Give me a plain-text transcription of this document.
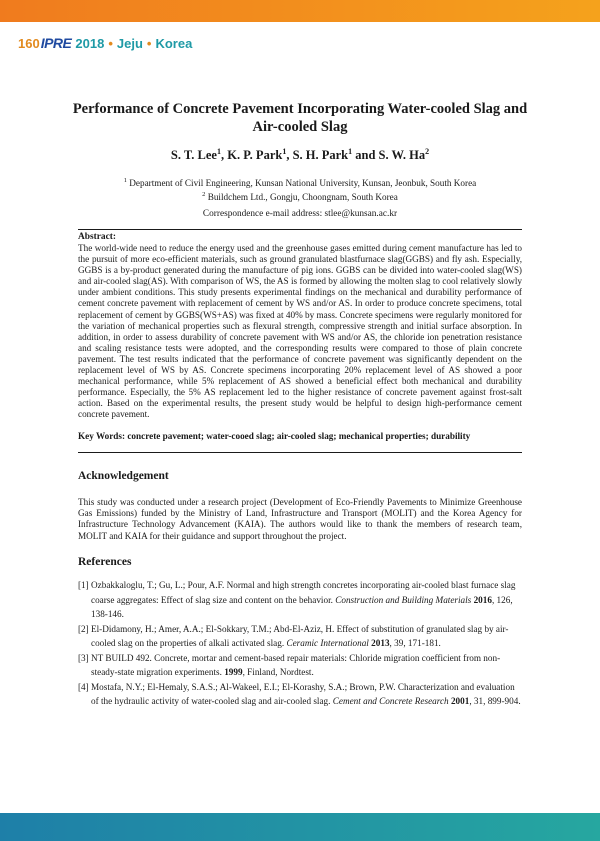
160 IPRE 2018 • Jeju • Korea
Performance of Concrete Pavement Incorporating Water-cooled Slag and Air-cooled Slag
S. T. Lee$^1$, K. P. Park$^1$, S. H. Park$^1$ and S. W. Ha$^2$
$^1$ Department of Civil Engineering, Kunsan National University, Kunsan, Jeonbuk, South Korea
$^2$ Buildchem Ltd., Gongju, Choongnam, South Korea
Correspondence e-mail address: stlee@kunsan.ac.kr
Abstract:

The world-wide need to reduce the energy used and the greenhouse gases emitted during cement manufacture has led to the pursuit of more eco-efficient materials, such as ground granulated blastfurnace slag(GGBS) and fly ash. Especially, GGBS is a by-product generated during the manufacture of pig ions. GGBS can be divided into water-cooled slag(WS) and air-cooled slag(AS). With comparison of WS, the AS is formed by allowing the molten slag to cool relatively slowly under ambient conditions. This study presents experimental findings on the mechanical and durability performance of cement concrete pavement with replacement of cement by WS and/or AS. In order to produce concrete specimens, total replacement of cement by GGBS(WS+AS) was fixed at 40% by mass. Concrete specimens were regularly monitored for the variation of mechanical properties such as flexural strength, compressive strength and initial surface absorption. In addition, in order to assess durability of concrete pavement with WS and/or AS, the chloride ion penetration resistance and scaling resistance tests were adopted, and the corresponding results were compared to those of plain concrete pavement. The test results indicated that the performance of concrete pavement was significantly dependent on the replacement level of WS by AS. Concrete specimens incorporating 20% replacement level of AS showed a poor mechanical performance, while 5% replacement of AS showed a beneficial effect both mechanical and durability performance. Especially, the 5% AS replacement led to the higher resistance of concrete pavement against frost-salt action. Based on the experimental results, the present study would be helpful to design high-performance cement concrete pavement.

Key Words: concrete pavement; water-cooed slag; air-cooled slag; mechanical properties; durability
Acknowledgement

This study was conducted under a research project (Development of Eco-Friendly Pavements to Minimize Greenhouse Gas Emissions) funded by the Ministry of Land, Infrastructure and Transport (MOLIT) and the Korea Agency for Infrastructure Technology Advancement (KAIA). The authors would like to thank the members of research team, MOLIT and KAIA for their guidance and support throughout the project.

References
[1] Ozbakkaloglu, T.; Gu, L.; Pour, A.F. Normal and high strength concretes incorporating air-cooled blast furnace slag coarse aggregates: Effect of slag size and content on the behavior. Construction and Building Materials 2016, 126, 138-146.
[2] El-Didamony, H.; Amer, A.A.; El-Sokkary, T.M.; Abd-El-Aziz, H. Effect of substitution of granulated slag by air-cooled slag on the properties of alkali activated slag. Ceramic International 2013, 39, 171-181.
[3] NT BUILD 492. Concrete, mortar and cement-based repair materials: Chloride migration coefficient from non-steady-state migration experiments. 1999, Finland, Nordtest.
[4] Mostafa, N.Y.; El-Hemaly, S.A.S.; Al-Wakeel, E.I.; El-Korashy, S.A.; Brown, P.W. Characterization and evaluation of the hydraulic activity of water-cooled slag and air-cooled slag. Cement and Concrete Research 2001, 31, 899-904.
